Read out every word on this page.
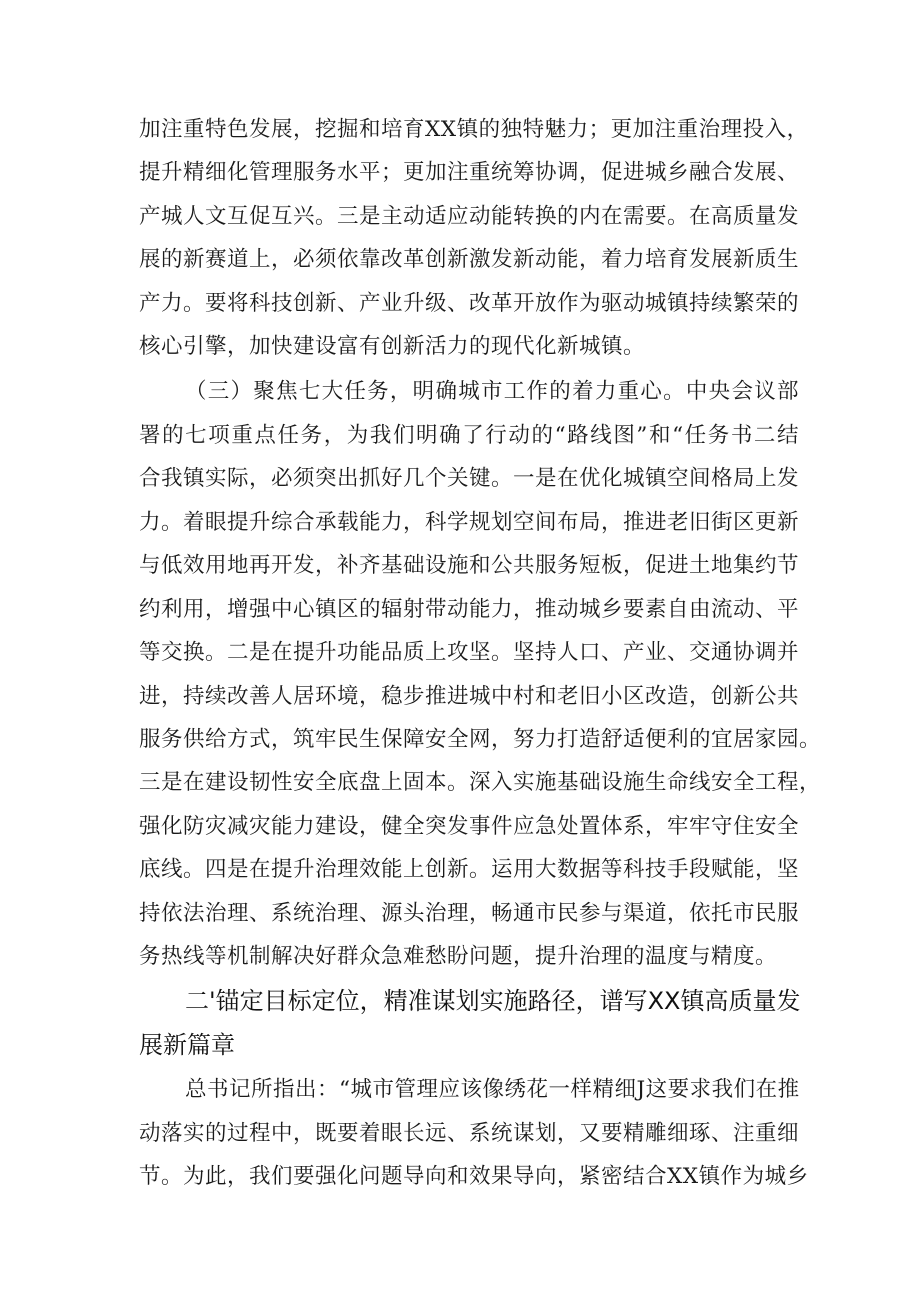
加注重特色发展，挖掘和培育XX镇的独特魅力；更加注重治理投入，
提升精细化管理服务水平；更加注重统筹协调，促进城乡融合发展、
产城人文互促互兴。三是主动适应动能转换的内在需要。在高质量发
展的新赛道上，必须依靠改革创新激发新动能，着力培育发展新质生
产力。要将科技创新、产业升级、改革开放作为驱动城镇持续繁荣的
核心引擎，加快建设富有创新活力的现代化新城镇。
（三）聚焦七大任务，明确城市工作的着力重心。中央会议部
署的七项重点任务，为我们明确了行动的“路线图”和“任务书二结
合我镇实际，必须突出抓好几个关键。一是在优化城镇空间格局上发
力。着眼提升综合承载能力，科学规划空间布局，推进老旧街区更新
与低效用地再开发，补齐基础设施和公共服务短板，促进土地集约节
约利用，增强中心镇区的辐射带动能力，推动城乡要素自由流动、平
等交换。二是在提升功能品质上攻坚。坚持人口、产业、交通协调并
进，持续改善人居环境，稳步推进城中村和老旧小区改造，创新公共
服务供给方式，筑牢民生保障安全网，努力打造舒适便利的宜居家园。
三是在建设韧性安全底盘上固本。深入实施基础设施生命线安全工程，
强化防灾减灾能力建设，健全突发事件应急处置体系，牢牢守住安全
底线。四是在提升治理效能上创新。运用大数据等科技手段赋能，坚
持依法治理、系统治理、源头治理，畅通市民参与渠道，依托市民服
务热线等机制解决好群众急难愁盼问题，提升治理的温度与精度。
二'锚定目标定位，精准谋划实施路径，谱写XX镇高质量发
展新篇章
总书记所指出：“城市管理应该像绣花一样精细J这要求我们在推
动落实的过程中，既要着眼长远、系统谋划，又要精雕细琢、注重细
节。为此，我们要强化问题导向和效果导向，紧密结合XX镇作为城乡
